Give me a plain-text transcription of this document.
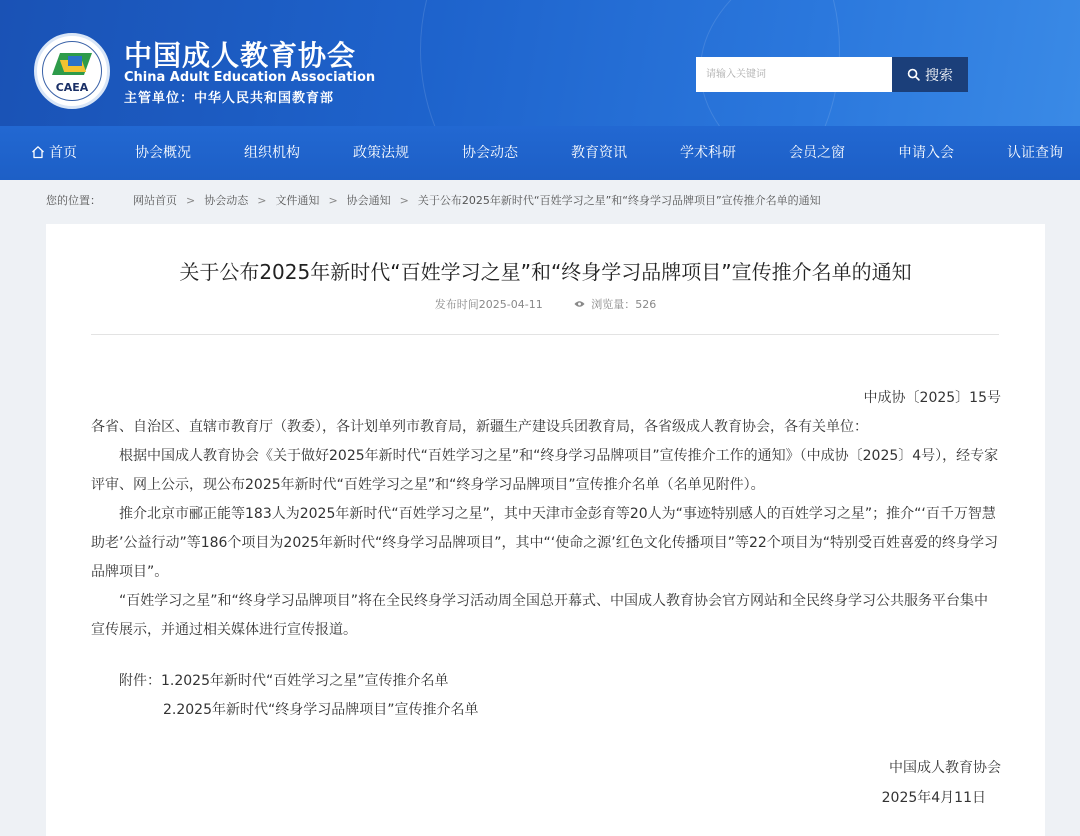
CAEA
中国成人教育协会
China Adult Education Association
主管单位：中华人民共和国教育部
请输入关键词
搜索
首页	协会概况	组织机构	政策法规	协会动态	教育资讯	学术科研	会员之窗	申请入会	认证查询
您的位置：	网站首页 > 协会动态 > 文件通知 > 协会通知 > 关于公布2025年新时代“百姓学习之星”和“终身学习品牌项目”宣传推介名单的通知
关于公布2025年新时代“百姓学习之星”和“终身学习品牌项目”宣传推介名单的通知
发布时间2025-04-11	浏览量：526
中成协〔2025〕15号
各省、自治区、直辖市教育厅（教委），各计划单列市教育局，新疆生产建设兵团教育局，各省级成人教育协会，各有关单位：
根据中国成人教育协会《关于做好2025年新时代“百姓学习之星”和“终身学习品牌项目”宣传推介工作的通知》（中成协〔2025〕4号），经专家评审、网上公示，现公布2025年新时代“百姓学习之星”和“终身学习品牌项目”宣传推介名单（名单见附件）。
推介北京市郦正能等183人为2025年新时代“百姓学习之星”，其中天津市金彭育等20人为“事迹特别感人的百姓学习之星”；推介“‘百千万智慧助老’公益行动”等186个项目为2025年新时代“终身学习品牌项目”，其中“‘使命之源’红色文化传播项目”等22个项目为“特别受百姓喜爱的终身学习品牌项目”。
“百姓学习之星”和“终身学习品牌项目”将在全民终身学习活动周全国总开幕式、中国成人教育协会官方网站和全民终身学习公共服务平台集中宣传展示，并通过相关媒体进行宣传报道。
附件：1.2025年新时代“百姓学习之星”宣传推介名单
2.2025年新时代“终身学习品牌项目”宣传推介名单
中国成人教育协会
2025年4月11日
